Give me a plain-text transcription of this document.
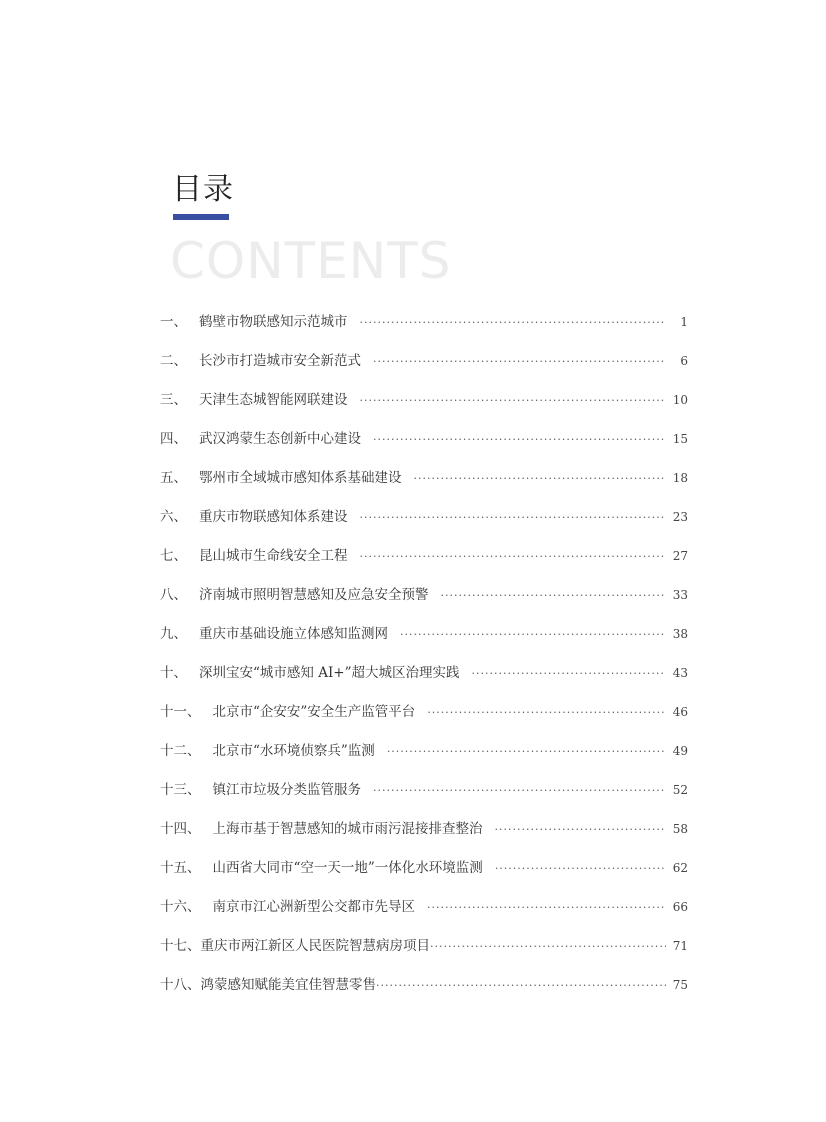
目录
CONTENTS
一、 鹤壁市物联感知示范城市 ·····	1
二、 长沙市打造城市安全新范式 ·····	6
三、 天津生态城智能网联建设 ·····	10
四、 武汉鸿蒙生态创新中心建设 ·····	15
五、 鄂州市全域城市感知体系基础建设 ·····	18
六、 重庆市物联感知体系建设 ·····	23
七、 昆山城市生命线安全工程 ·····	27
八、 济南城市照明智慧感知及应急安全预警 ·····	33
九、 重庆市基础设施立体感知监测网 ·····	38
十、 深圳宝安“城市感知 AI+”超大城区治理实践 ·····	43
十一、 北京市“企安安”安全生产监管平台 ·····	46
十二、 北京市“水环境侦察兵”监测 ·····	49
十三、 镇江市垃圾分类监管服务 ·····	52
十四、 上海市基于智慧感知的城市雨污混接排查整治 ·····	58
十五、 山西省大同市“空一天一地”一体化水环境监测 ·····	62
十六、 南京市江心洲新型公交都市先导区 ·····	66
十七、 重庆市两江新区人民医院智慧病房项目 ·····	71
十八、 鸿蒙感知赋能美宜佳智慧零售 ·····	75
